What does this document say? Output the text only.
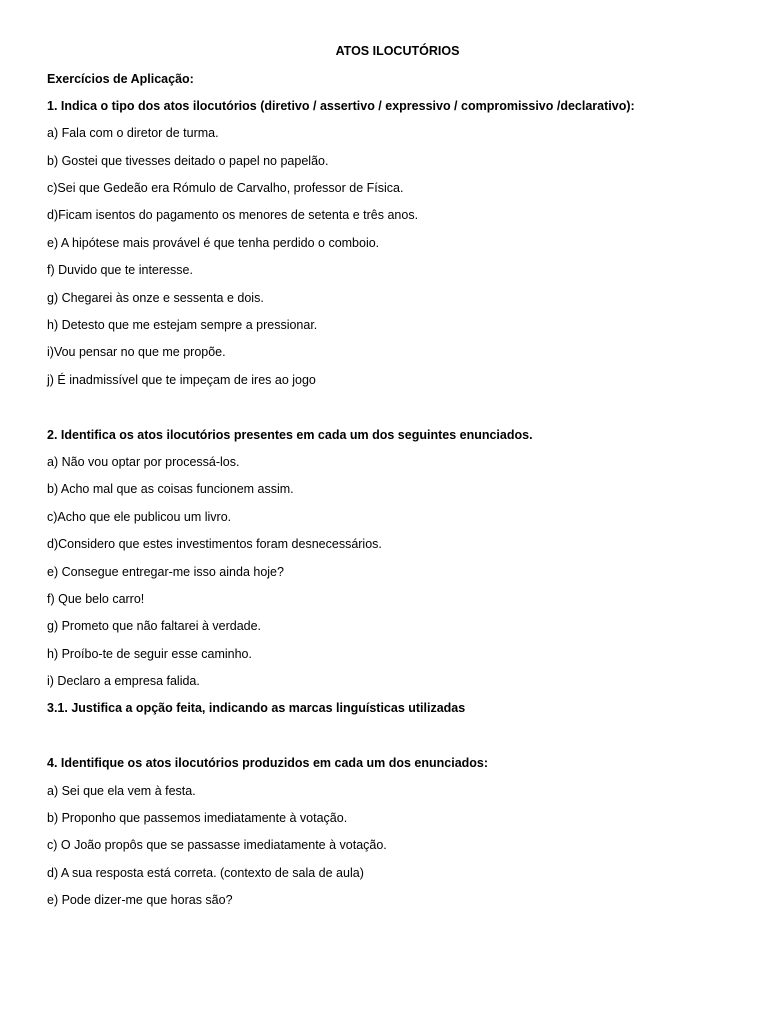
ATOS ILOCUTÓRIOS
Exercícios de Aplicação:
1. Indica o tipo dos atos ilocutórios (diretivo / assertivo / expressivo / compromissivo /declarativo):
a) Fala com o diretor de turma.
b) Gostei que tivesses deitado o papel no papelão.
c)Sei que Gedeão era Rómulo de Carvalho, professor de Física.
d)Ficam isentos do pagamento os menores de setenta e três anos.
e) A hipótese mais provável é que tenha perdido o comboio.
f) Duvido que te interesse.
g) Chegarei às onze e sessenta e dois.
h) Detesto que me estejam sempre a pressionar.
i)Vou pensar no que me propõe.
j) É inadmissível que te impeçam de ires ao jogo
2. Identifica os atos ilocutórios presentes em cada um dos seguintes enunciados.
a) Não vou optar por processá-los.
b) Acho mal que as coisas funcionem assim.
c)Acho que ele publicou um livro.
d)Considero que estes investimentos foram desnecessários.
e) Consegue entregar-me isso ainda hoje?
f) Que belo carro!
g) Prometo que não faltarei à verdade.
h) Proíbo-te de seguir esse caminho.
i) Declaro a empresa falida.
3.1. Justifica a opção feita, indicando as marcas linguísticas utilizadas
4. Identifique os atos ilocutórios produzidos em cada um dos enunciados:
a) Sei que ela vem à festa.
b) Proponho que passemos imediatamente à votação.
c) O João propôs que se passasse imediatamente à votação.
d) A sua resposta está correta. (contexto de sala de aula)
e) Pode dizer-me que horas são?
